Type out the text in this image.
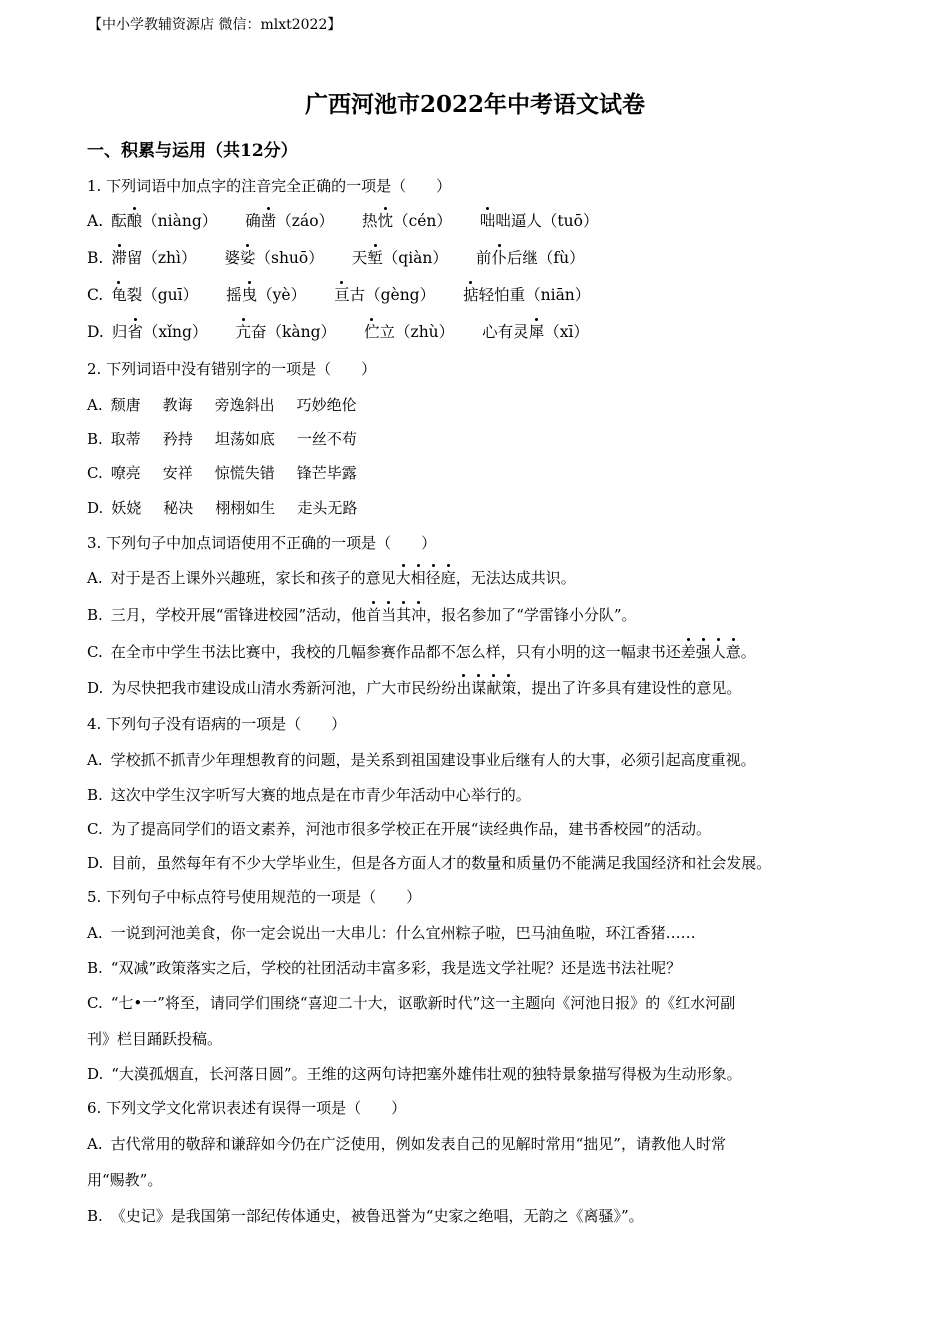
【中小学教辅资源店 微信：mlxt2022】
广西河池市2022年中考语文试卷
一、积累与运用（共12分）
1. 下列词语中加点字的注音完全正确的一项是（　　）
A. 酝酿（niàng） 确凿（záo） 热忱（cén） 咄咄逼人（tuō）
B. 滞留（zhì） 婆娑（shuō） 天堑（qiàn） 前仆后继（fù）
C. 龟裂（guī） 摇曳（yè） 亘古（gèng） 掂轻怕重（niān）
D. 归省（xǐng） 亢奋（kàng） 伫立（zhù） 心有灵犀（xī）
2. 下列词语中没有错别字的一项是（　　）
A. 颓唐 教诲 旁逸斜出 巧妙绝伦
B. 取蒂 矜持 坦荡如底 一丝不苟
C. 嘹亮 安祥 惊慌失错 锋芒毕露
D. 妖娆 秘决 栩栩如生 走头无路
3. 下列句子中加点词语使用不正确的一项是（　　）
A. 对于是否上课外兴趣班，家长和孩子的意见大相径庭，无法达成共识。
B. 三月，学校开展“雷锋进校园”活动，他首当其冲，报名参加了“学雷锋小分队”。
C. 在全市中学生书法比赛中，我校的几幅参赛作品都不怎么样，只有小明的这一幅隶书还差强人意。
D. 为尽快把我市建设成山清水秀新河池，广大市民纷纷出谋献策，提出了许多具有建设性的意见。
4. 下列句子没有语病的一项是（　　）
A. 学校抓不抓青少年理想教育的问题，是关系到祖国建设事业后继有人的大事，必须引起高度重视。
B. 这次中学生汉字听写大赛的地点是在市青少年活动中心举行的。
C. 为了提高同学们的语文素养，河池市很多学校正在开展“读经典作品，建书香校园”的活动。
D. 目前，虽然每年有不少大学毕业生，但是各方面人才的数量和质量仍不能满足我国经济和社会发展。
5. 下列句子中标点符号使用规范的一项是（　　）
A. 一说到河池美食，你一定会说出一大串儿：什么宜州粽子啦，巴马油鱼啦，环江香猪……
B. “双减”政策落实之后，学校的社团活动丰富多彩，我是选文学社呢？还是选书法社呢？
C. “七•一”将至，请同学们围绕“喜迎二十大，讴歌新时代”这一主题向《河池日报》的《红水河副
刊》栏目踊跃投稿。
D. “大漠孤烟直，长河落日圆”。王维的这两句诗把塞外雄伟壮观的独特景象描写得极为生动形象。
6. 下列文学文化常识表述有误得一项是（　　）
A. 古代常用的敬辞和谦辞如今仍在广泛使用，例如发表自己的见解时常用“拙见”，请教他人时常
用“赐教”。
B. 《史记》是我国第一部纪传体通史，被鲁迅誉为“史家之绝唱，无韵之《离骚》”。
